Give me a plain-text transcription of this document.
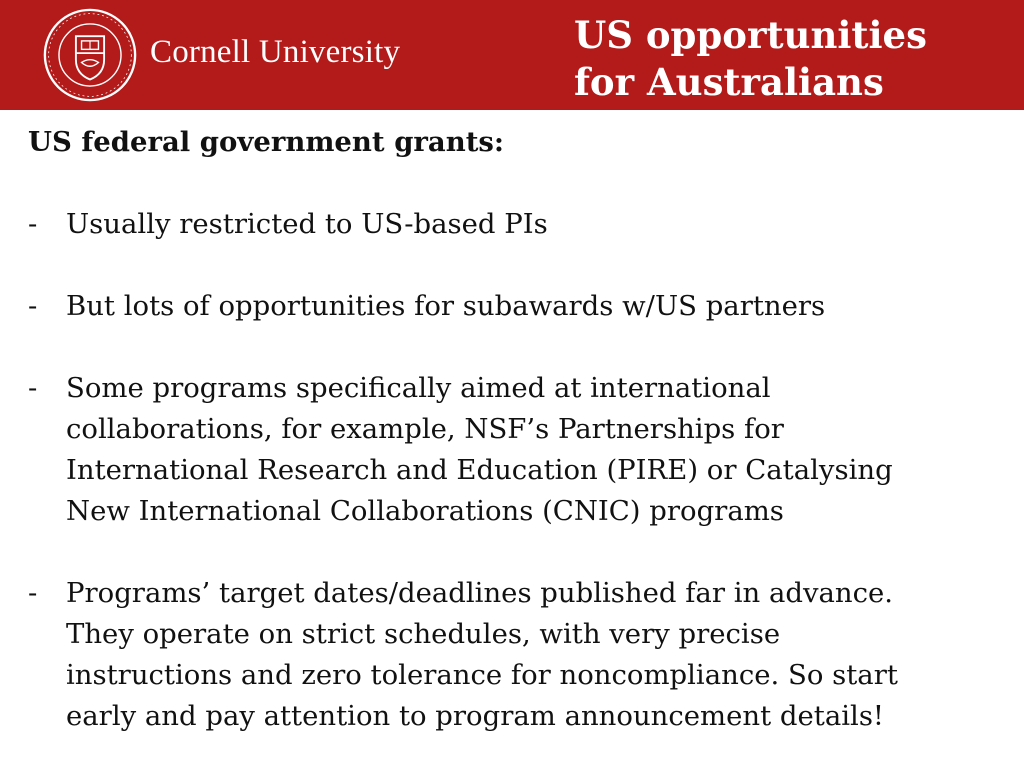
Cornell University	US opportunities
for Australians
US federal government grants:
- Usually restricted to US-based PIs
- But lots of opportunities for subawards w/US partners
- Some programs specifically aimed at international
collaborations, for example, NSF’s Partnerships for
International Research and Education (PIRE) or Catalysing
New International Collaborations (CNIC) programs
- Programs’ target dates/deadlines published far in advance.
They operate on strict schedules, with very precise
instructions and zero tolerance for noncompliance. So start
early and pay attention to program announcement details!
